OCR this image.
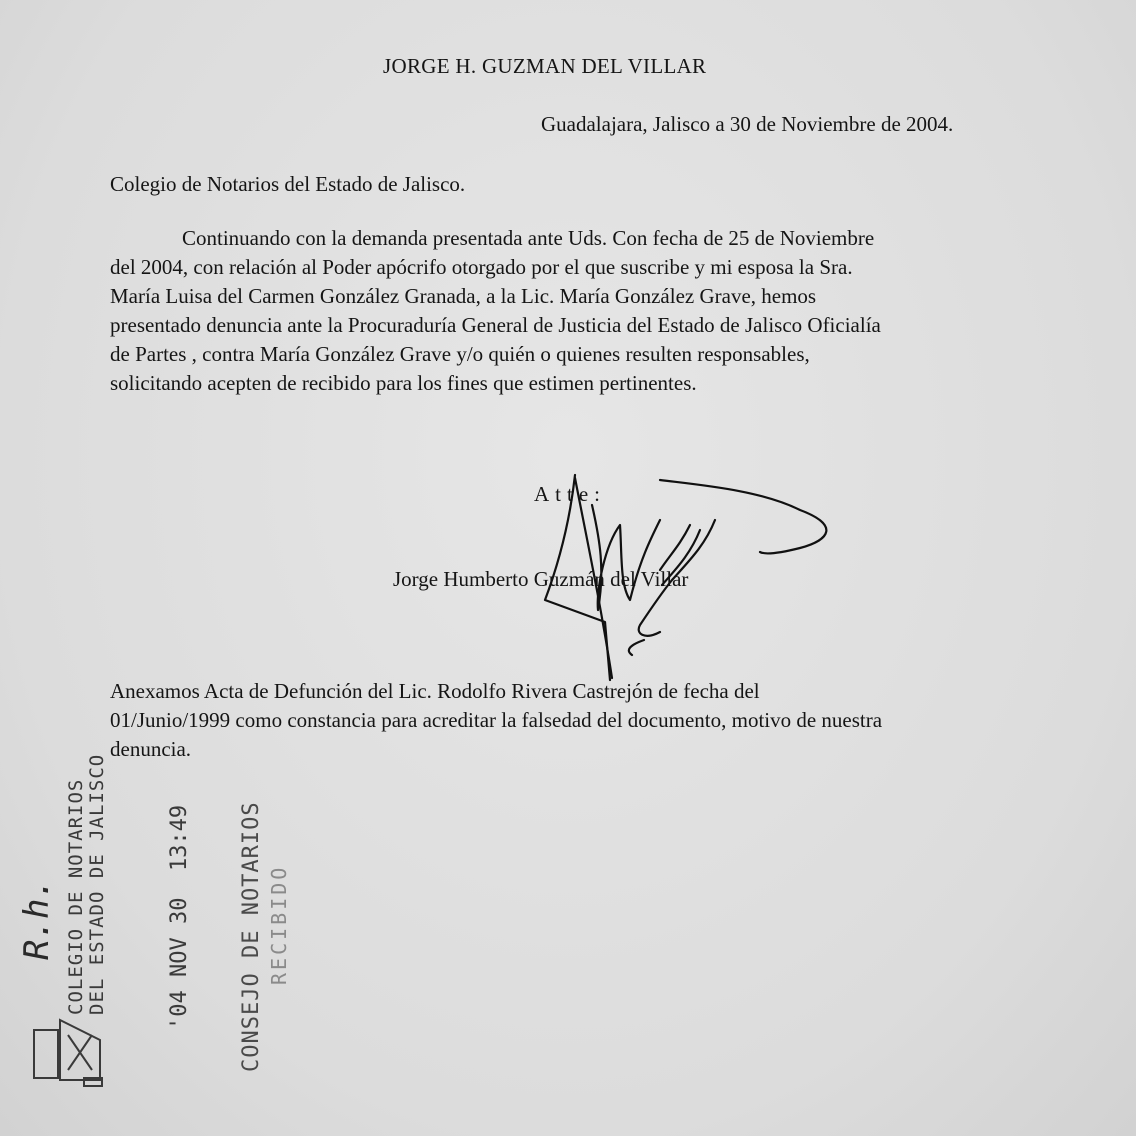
JORGE H. GUZMAN DEL VILLAR
Guadalajara, Jalisco a 30 de Noviembre de 2004.
Colegio de Notarios del Estado de Jalisco.
Continuando con la demanda presentada ante Uds. Con fecha de 25 de Noviembre
del 2004, con relación al Poder apócrifo otorgado por el que suscribe y mi esposa la Sra.
María Luisa del Carmen González Granada, a la Lic. María González Grave, hemos
presentado denuncia ante la Procuraduría General de Justicia del Estado de Jalisco Oficialía
de Partes , contra María González Grave y/o quién o quienes resulten responsables,
solicitando acepten de recibido para los fines que estimen pertinentes.
Atte:
Jorge Humberto Guzmán del Villar
Anexamos Acta de Defunción del Lic. Rodolfo Rivera Castrejón de fecha del
01/Junio/1999 como constancia para acreditar la falsedad del documento, motivo de nuestra
denuncia.
R.h. COLEGIO DE NOTARIOS DEL ESTADO DE JALISCO	'04 NOV 30  13:49 CONSEJO DE NOTARIOS RECIBIDO
